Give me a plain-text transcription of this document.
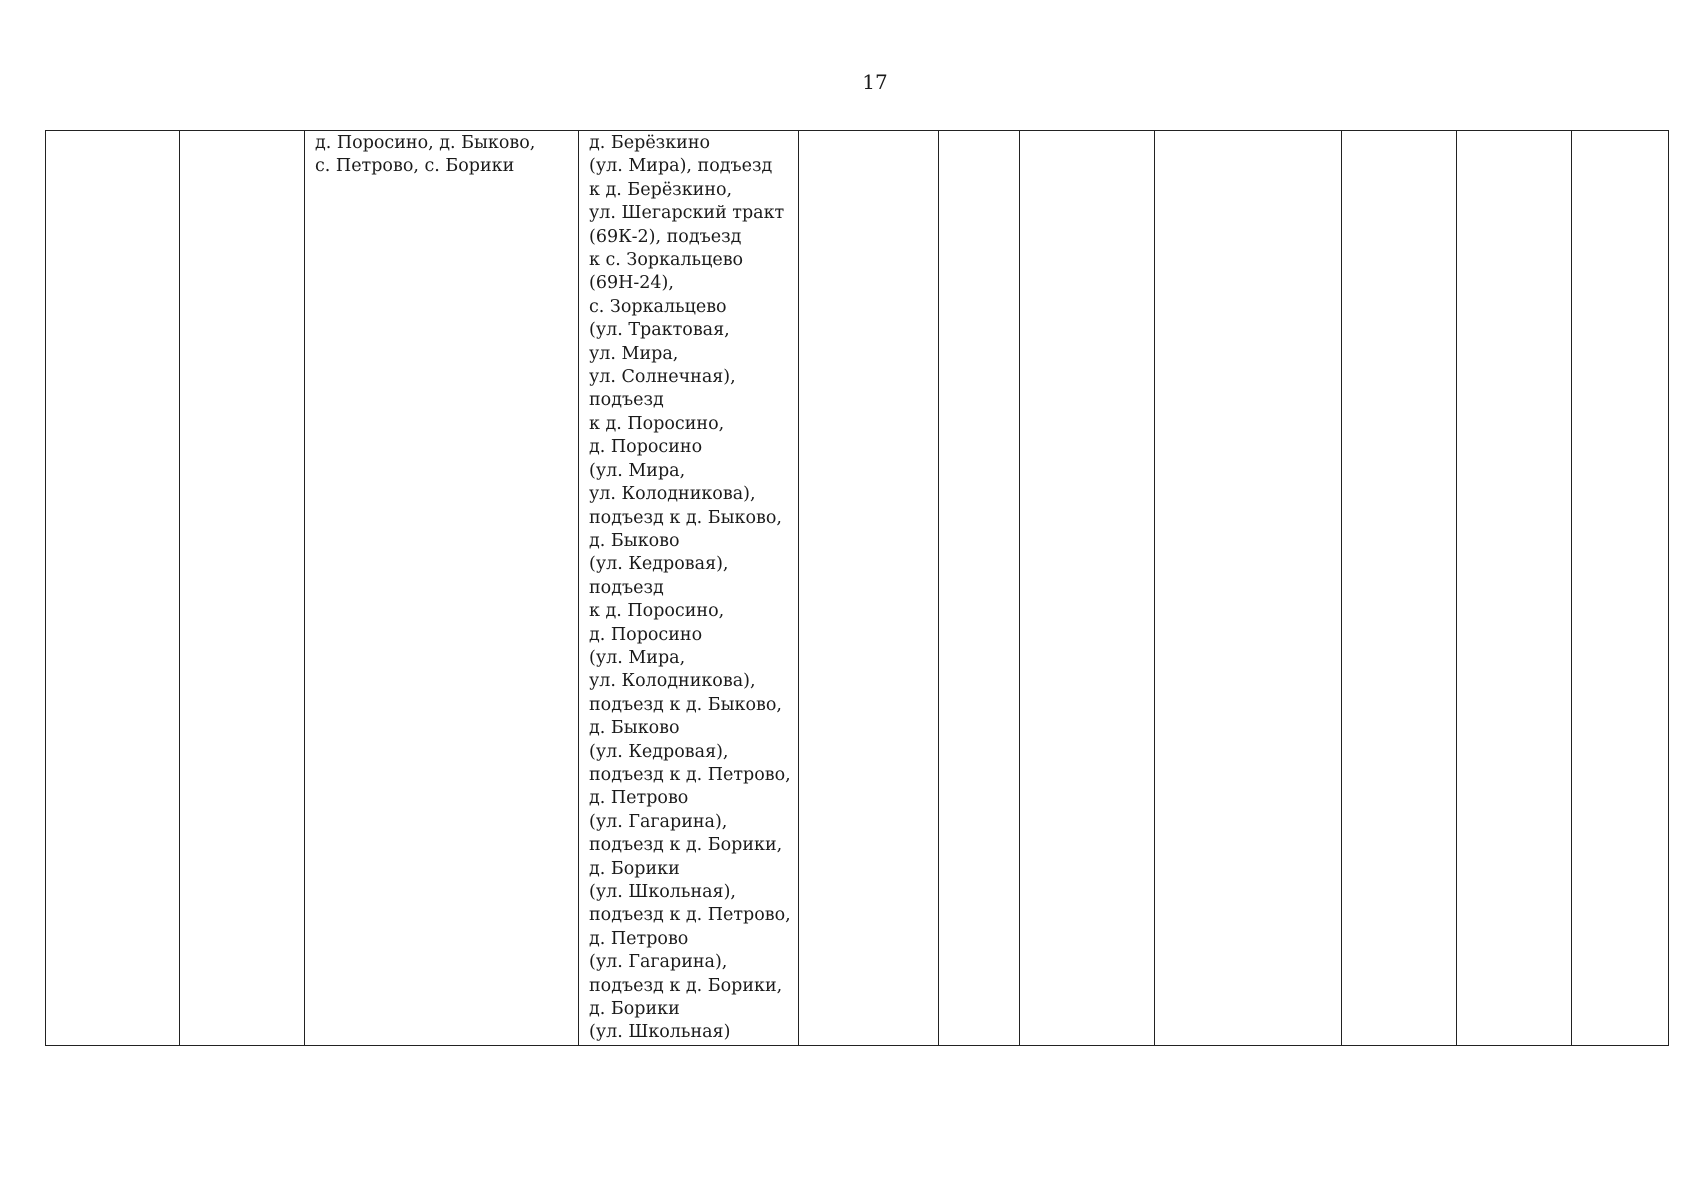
17

д. Поросино, д. Быково,
с. Петрово, с. Борики

д. Берёзкино
(ул. Мира), подъезд
к д. Берёзкино,
ул. Шегарский тракт
(69К-2), подъезд
к с. Зоркальцево
(69Н-24),
с. Зоркальцево
(ул. Трактовая,
ул. Мира,
ул. Солнечная),
подъезд
к д. Поросино,
д. Поросино
(ул. Мира,
ул. Колодникова),
подъезд к д. Быково,
д. Быково
(ул. Кедровая),
подъезд
к д. Поросино,
д. Поросино
(ул. Мира,
ул. Колодникова),
подъезд к д. Быково,
д. Быково
(ул. Кедровая),
подъезд к д. Петрово,
д. Петрово
(ул. Гагарина),
подъезд к д. Борики,
д. Борики
(ул. Школьная),
подъезд к д. Петрово,
д. Петрово
(ул. Гагарина),
подъезд к д. Борики,
д. Борики
(ул. Школьная)
